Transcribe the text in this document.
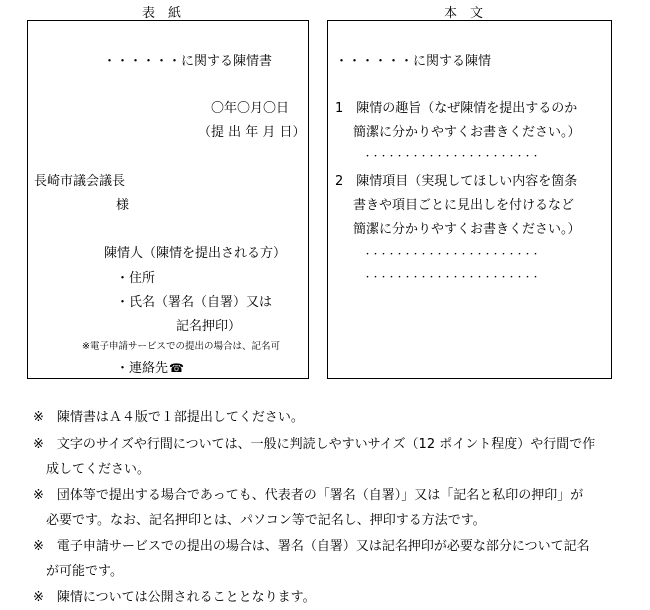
表　紙	本　文
・・・・・・に関する陳情書
〇年〇月〇日
（提 出 年 月 日）
長崎市議会議長
様
陳情人（陳情を提出される方）
・住所
・氏名（署名（自署）又は
記名押印）
※電子申請サービスでの提出の場合は、記名可
・連絡先☎
・・・・・・に関する陳情
1　陳情の趣旨（なぜ陳情を提出するのか
簡潔に分かりやすくお書きください。）
・・・・・・・・・・・・・・・・・・・・・・
2　陳情項目（実現してほしい内容を箇条
書きや項目ごとに見出しを付けるなど
簡潔に分かりやすくお書きください。）
・・・・・・・・・・・・・・・・・・・・・・
・・・・・・・・・・・・・・・・・・・・・・
※　陳情書はＡ４版で１部提出してください。
※　文字のサイズや行間については、一般に判読しやすいサイズ（12 ポイント程度）や行間で作
　成してください。
※　団体等で提出する場合であっても、代表者の「署名（自署）」又は「記名と私印の押印」が
　必要です。なお、記名押印とは、パソコン等で記名し、押印する方法です。
※　電子申請サービスでの提出の場合は、署名（自署）又は記名押印が必要な部分について記名
　が可能です。
※　陳情については公開されることとなります。
